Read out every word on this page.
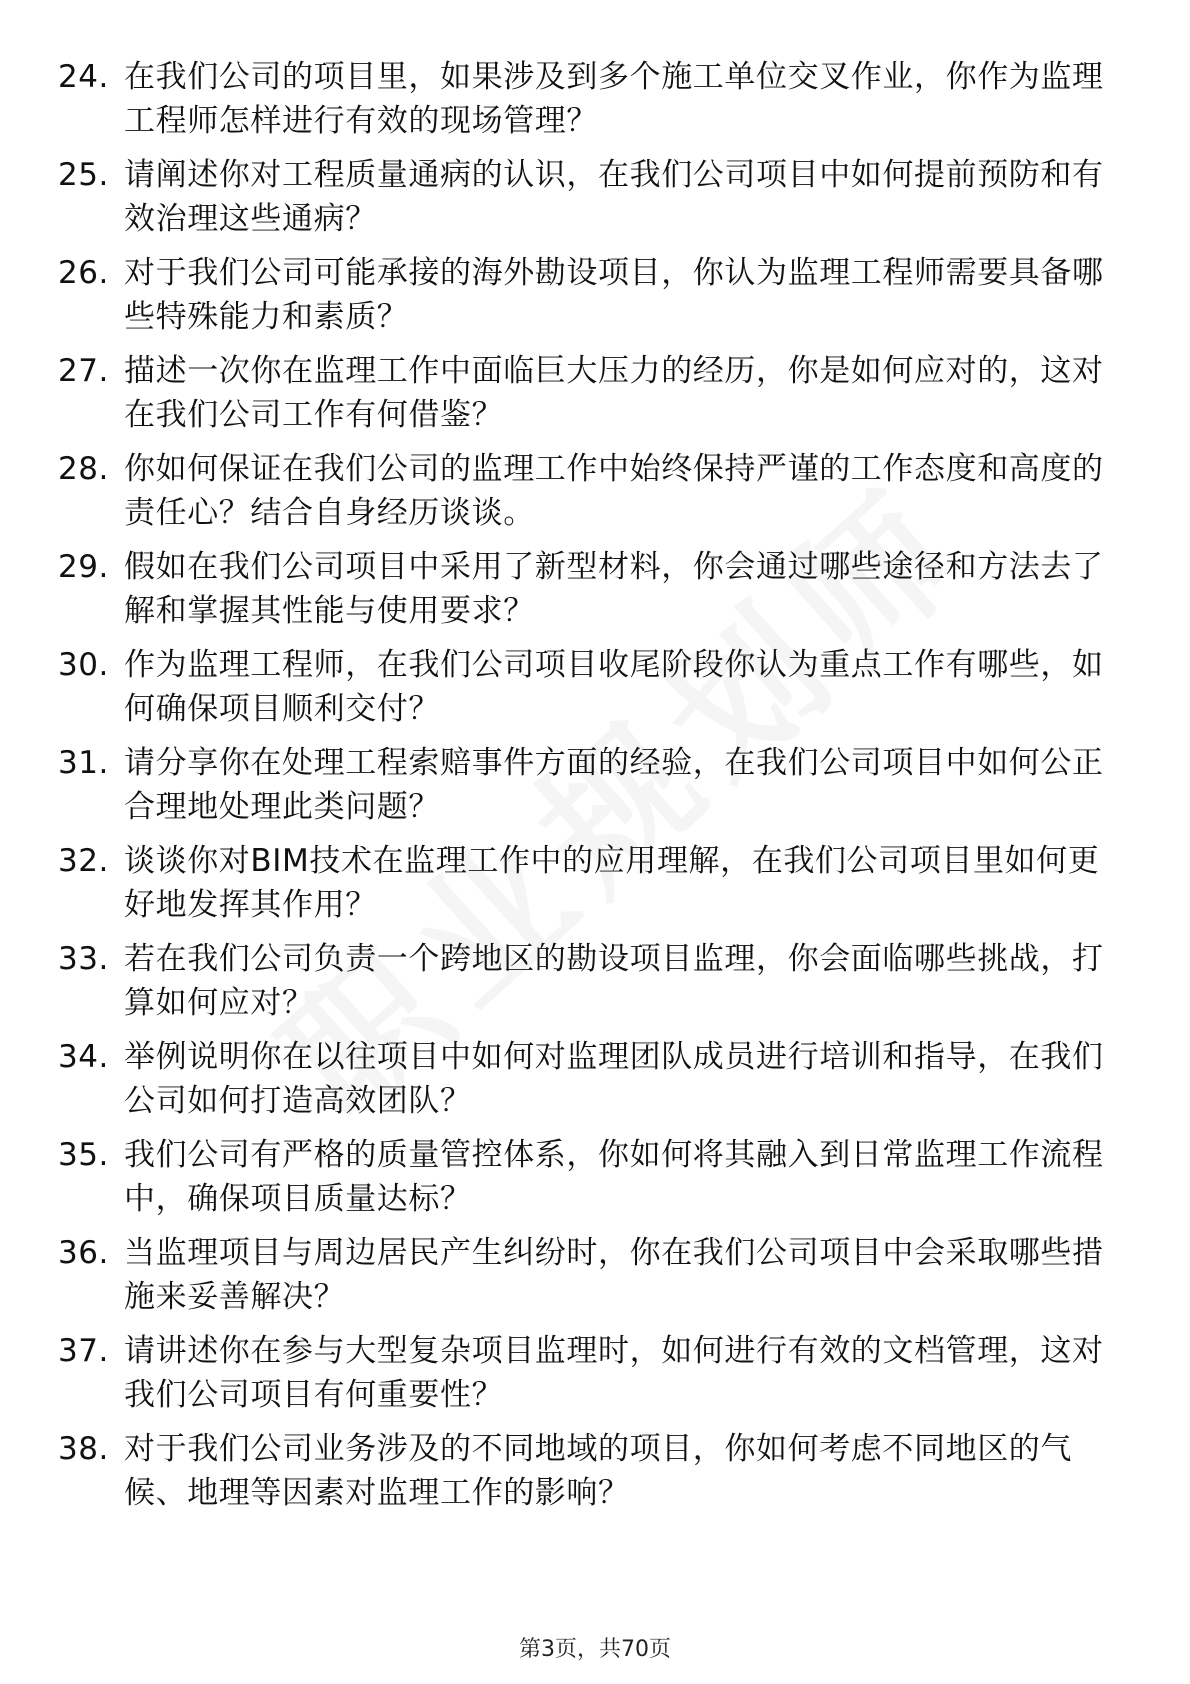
24. 在我们公司的项目里，如果涉及到多个施工单位交叉作业，你作为监理工程师怎样进行有效的现场管理？
25. 请阐述你对工程质量通病的认识，在我们公司项目中如何提前预防和有效治理这些通病？
26. 对于我们公司可能承接的海外勘设项目，你认为监理工程师需要具备哪些特殊能力和素质？
27. 描述一次你在监理工作中面临巨大压力的经历，你是如何应对的，这对在我们公司工作有何借鉴？
28. 你如何保证在我们公司的监理工作中始终保持严谨的工作态度和高度的责任心？结合自身经历谈谈。
29. 假如在我们公司项目中采用了新型材料，你会通过哪些途径和方法去了解和掌握其性能与使用要求？
30. 作为监理工程师，在我们公司项目收尾阶段你认为重点工作有哪些，如何确保项目顺利交付？
31. 请分享你在处理工程索赔事件方面的经验，在我们公司项目中如何公正合理地处理此类问题？
32. 谈谈你对BIM技术在监理工作中的应用理解，在我们公司项目里如何更好地发挥其作用？
33. 若在我们公司负责一个跨地区的勘设项目监理，你会面临哪些挑战，打算如何应对？
34. 举例说明你在以往项目中如何对监理团队成员进行培训和指导，在我们公司如何打造高效团队？
35. 我们公司有严格的质量管控体系，你如何将其融入到日常监理工作流程中，确保项目质量达标？
36. 当监理项目与周边居民产生纠纷时，你在我们公司项目中会采取哪些措施来妥善解决？
37. 请讲述你在参与大型复杂项目监理时，如何进行有效的文档管理，这对我们公司项目有何重要性？
38. 对于我们公司业务涉及的不同地域的项目，你如何考虑不同地区的气候、地理等因素对监理工作的影响？
第3页，共70页
